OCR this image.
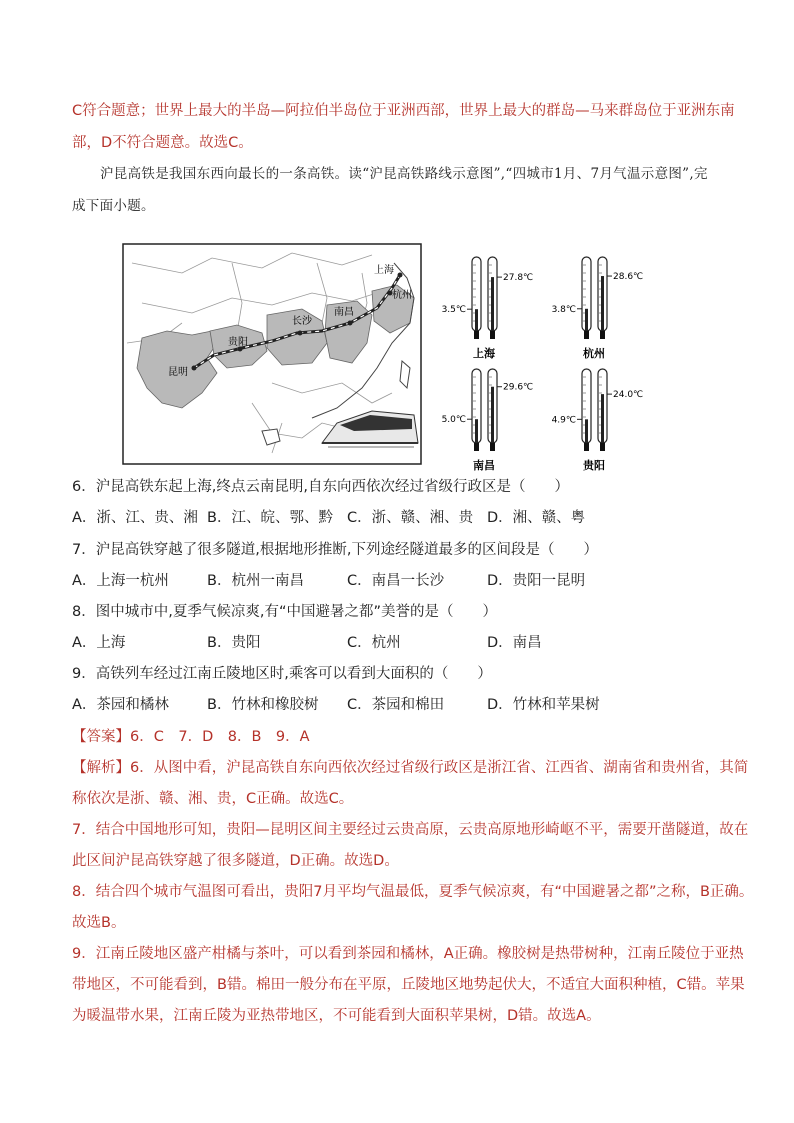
C符合题意；世界上最大的半岛—阿拉伯半岛位于亚洲西部，世界上最大的群岛—马来群岛位于亚洲东南
部，D不符合题意。故选C。
沪昆高铁是我国东西向最长的一条高铁。读“沪昆高铁路线示意图”,“四城市1月、7月气温示意图”,完
成下面小题。
上海
杭州
南昌
长沙
贵阳
昆明
27.8℃
3.5℃
上海
28.6℃
3.8℃
杭州
29.6℃
5.0℃
南昌
24.0℃
4.9℃
贵阳
6．沪昆高铁东起上海,终点云南昆明,自东向西依次经过省级行政区是（　　）
A．浙、江、贵、湘 B．江、皖、鄂、黔 C．浙、赣、湘、贵 D．湘、赣、粤
7．沪昆高铁穿越了很多隧道,根据地形推断,下列途经隧道最多的区间段是（　　）
A．上海一杭州	B．杭州一南昌	C．南昌一长沙	D．贵阳一昆明
8．图中城市中,夏季气候凉爽,有“中国避暑之都”美誉的是（　　）
A．上海	B．贵阳	C．杭州	D．南昌
9．高铁列车经过江南丘陵地区时,乘客可以看到大面积的（　　）
A．茶园和橘林	B．竹林和橡胶树 C．茶园和棉田	D．竹林和苹果树
【答案】6．C　7．D　8．B　9．A
【解析】6．从图中看，沪昆高铁自东向西依次经过省级行政区是浙江省、江西省、湖南省和贵州省，其简
称依次是浙、赣、湘、贵，C正确。故选C。
7．结合中国地形可知，贵阳—昆明区间主要经过云贵高原，云贵高原地形崎岖不平，需要开凿隧道，故在
此区间沪昆高铁穿越了很多隧道，D正确。故选D。
8．结合四个城市气温图可看出，贵阳7月平均气温最低，夏季气候凉爽，有“中国避暑之都”之称，B正确。
故选B。
9．江南丘陵地区盛产柑橘与茶叶，可以看到茶园和橘林，A正确。橡胶树是热带树种，江南丘陵位于亚热
带地区，不可能看到，B错。棉田一般分布在平原，丘陵地区地势起伏大，不适宜大面积种植，C错。苹果
为暖温带水果，江南丘陵为亚热带地区，不可能看到大面积苹果树，D错。故选A。
